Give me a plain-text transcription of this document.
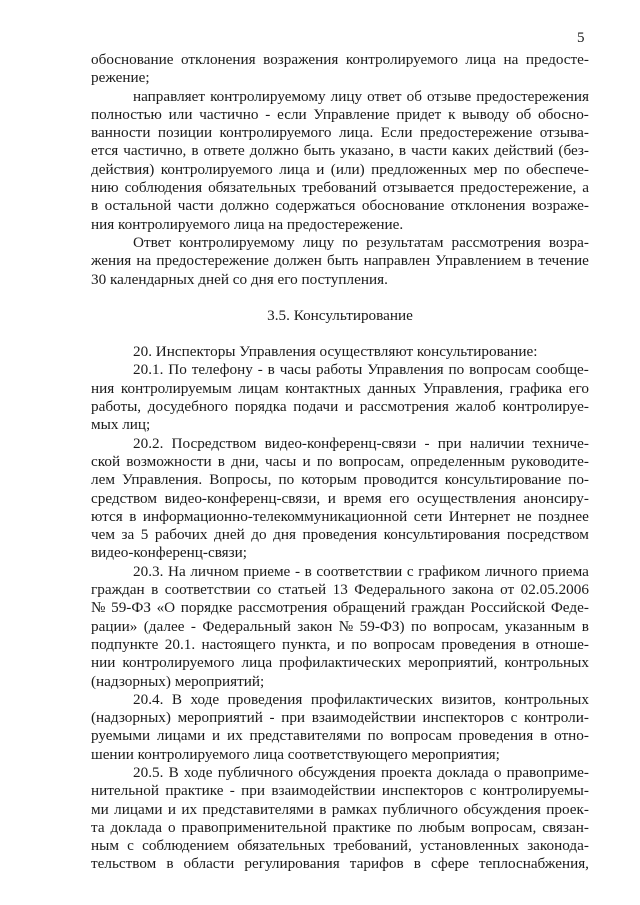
5
обоснование отклонения возражения контролируемого лица на предосте-
режение;
направляет контролируемому лицу ответ об отзыве предостережения
полностью или частично - если Управление придет к выводу об обосно-
ванности позиции контролируемого лица. Если предостережение отзыва-
ется частично, в ответе должно быть указано, в части каких действий (без-
действия) контролируемого лица и (или) предложенных мер по обеспече-
нию соблюдения обязательных требований отзывается предостережение, а
в остальной части должно содержаться обоснование отклонения возраже-
ния контролируемого лица на предостережение.
Ответ контролируемому лицу по результатам рассмотрения возра-
жения на предостережение должен быть направлен Управлением в течение
30 календарных дней со дня его поступления.
3.5. Консультирование
20. Инспекторы Управления осуществляют консультирование:
20.1. По телефону - в часы работы Управления по вопросам сообще-
ния контролируемым лицам контактных данных Управления, графика его
работы, досудебного порядка подачи и рассмотрения жалоб контролируе-
мых лиц;
20.2. Посредством видео-конференц-связи - при наличии техниче-
ской возможности в дни, часы и по вопросам, определенным руководите-
лем Управления. Вопросы, по которым проводится консультирование по-
средством видео-конференц-связи, и время его осуществления анонсиру-
ются в информационно-телекоммуникационной сети Интернет не позднее
чем за 5 рабочих дней до дня проведения консультирования посредством
видео-конференц-связи;
20.3. На личном приеме - в соответствии с графиком личного приема
граждан в соответствии со статьей 13 Федерального закона от 02.05.2006
№ 59-ФЗ «О порядке рассмотрения обращений граждан Российской Феде-
рации» (далее - Федеральный закон № 59-ФЗ) по вопросам, указанным в
подпункте 20.1. настоящего пункта, и по вопросам проведения в отноше-
нии контролируемого лица профилактических мероприятий, контрольных
(надзорных) мероприятий;
20.4. В ходе проведения профилактических визитов, контрольных
(надзорных) мероприятий - при взаимодействии инспекторов с контроли-
руемыми лицами и их представителями по вопросам проведения в отно-
шении контролируемого лица соответствующего мероприятия;
20.5. В ходе публичного обсуждения проекта доклада о правоприме-
нительной практике - при взаимодействии инспекторов с контролируемы-
ми лицами и их представителями в рамках публичного обсуждения проек-
та доклада о правоприменительной практике по любым вопросам, связан-
ным с соблюдением обязательных требований, установленных законода-
тельством в области регулирования тарифов в сфере теплоснабжения,
